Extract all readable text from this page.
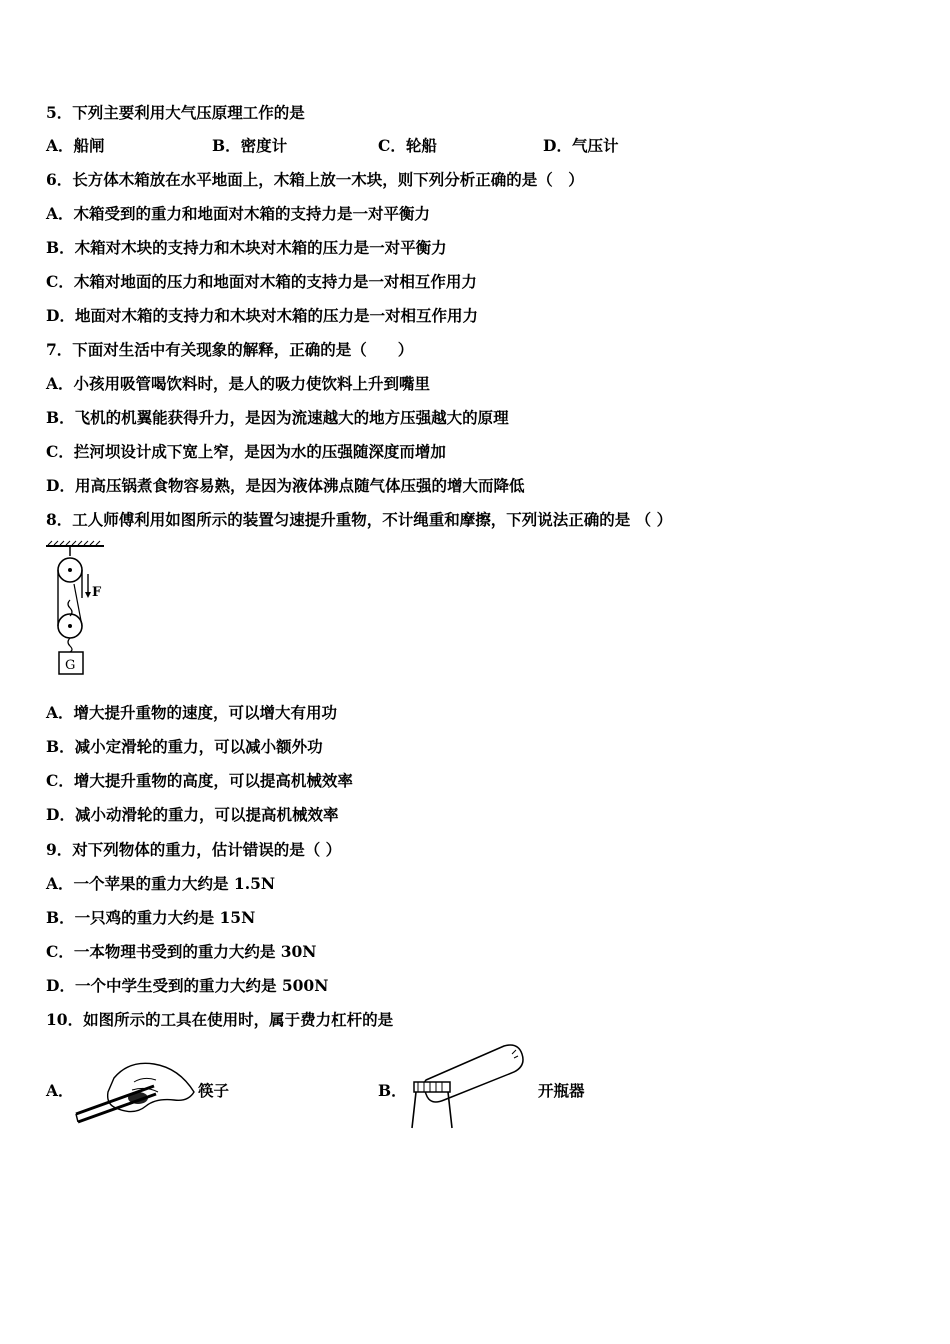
5．下列主要利用大气压原理工作的是
A．船闸	B．密度计	C．轮船	D．气压计
6．长方体木箱放在水平地面上，木箱上放一木块，则下列分析正确的是（　）
A．木箱受到的重力和地面对木箱的支持力是一对平衡力
B．木箱对木块的支持力和木块对木箱的压力是一对平衡力
C．木箱对地面的压力和地面对木箱的支持力是一对相互作用力
D．地面对木箱的支持力和木块对木箱的压力是一对相互作用力
7．下面对生活中有关现象的解释，正确的是（　　）
A．小孩用吸管喝饮料时，是人的吸力使饮料上升到嘴里
B．飞机的机翼能获得升力，是因为流速越大的地方压强越大的原理
C．拦河坝设计成下宽上窄，是因为水的压强随深度而增加
D．用高压锅煮食物容易熟，是因为液体沸点随气体压强的增大而降低
8．工人师傅利用如图所示的装置匀速提升重物，不计绳重和摩擦，下列说法正确的是 （ ）
F
G
A．增大提升重物的速度，可以增大有用功
B．减小定滑轮的重力，可以减小额外功
C．增大提升重物的高度，可以提高机械效率
D．减小动滑轮的重力，可以提高机械效率
9．对下列物体的重力，估计错误的是（ ）
A．一个苹果的重力大约是 1.5N
B．一只鸡的重力大约是 15N
C．一本物理书受到的重力大约是 30N
D．一个中学生受到的重力大约是 500N
10．如图所示的工具在使用时，属于费力杠杆的是
A．	筷子	B．	开瓶器
